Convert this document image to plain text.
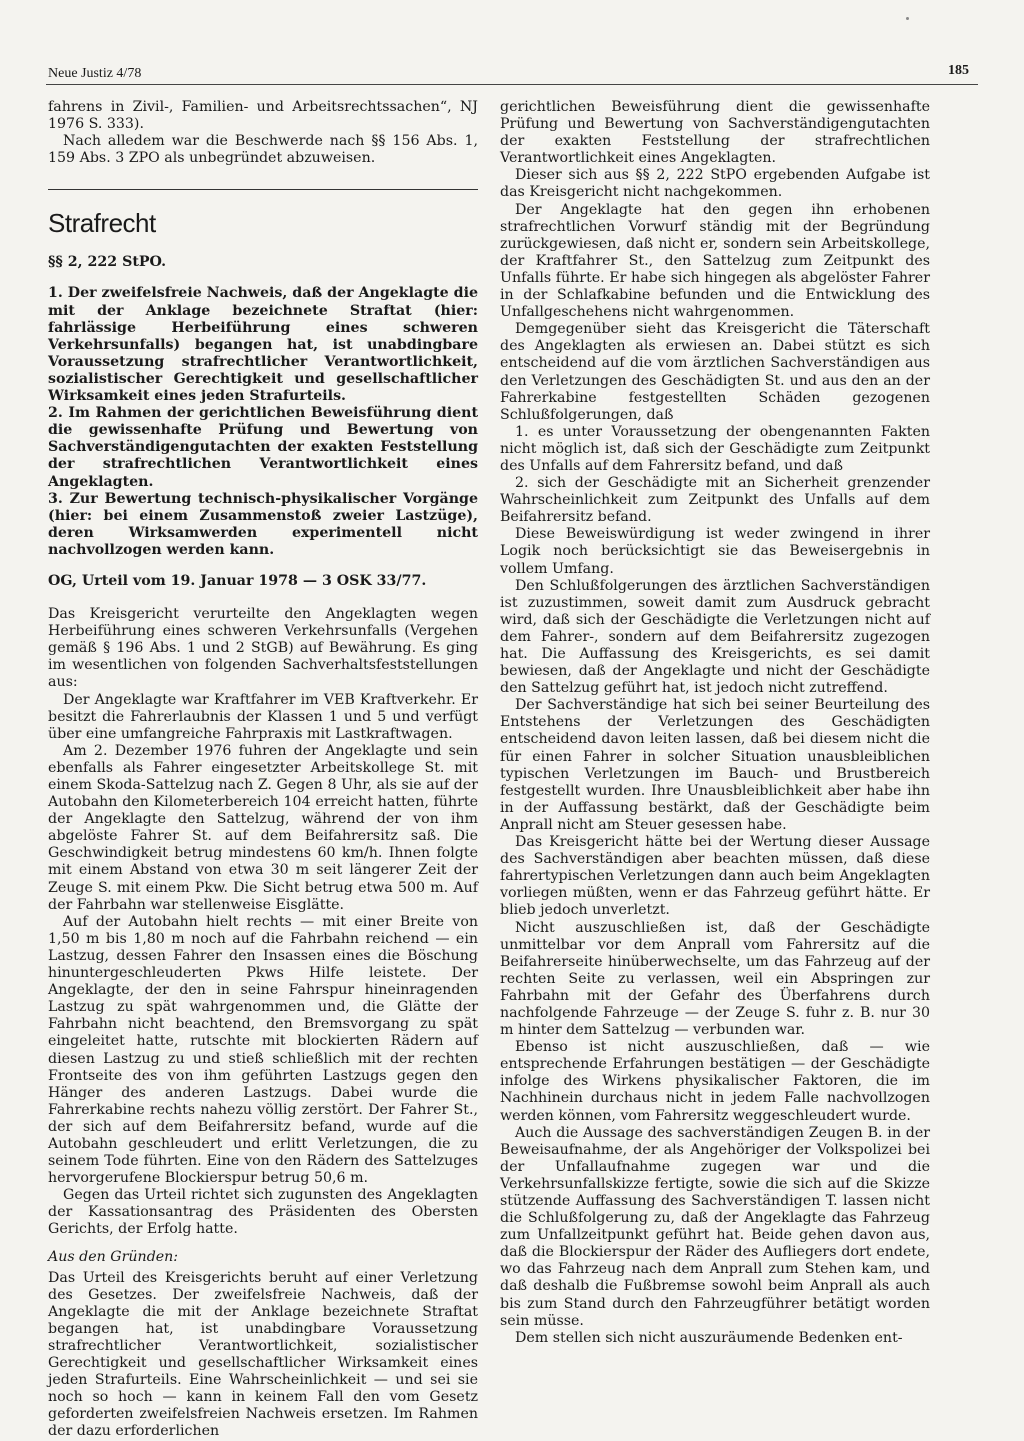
Neue Justiz 4/78	185

fahrens in Zivil-, Familien- und Arbeitsrechtssachen“, NJ 1976 S. 333).

Nach alledem war die Beschwerde nach §§ 156 Abs. 1, 159 Abs. 3 ZPO als unbegründet abzuweisen.

Strafrecht

§§ 2, 222 StPO.

1. Der zweifelsfreie Nachweis, daß der Angeklagte die mit der Anklage bezeichnete Straftat (hier: fahrlässige Herbeiführung eines schweren Verkehrsunfalls) begangen hat, ist unabdingbare Voraussetzung strafrechtlicher Verantwortlichkeit, sozialistischer Gerechtigkeit und gesellschaftlicher Wirksamkeit eines jeden Strafurteils.

2. Im Rahmen der gerichtlichen Beweisführung dient die gewissenhafte Prüfung und Bewertung von Sachverständigengutachten der exakten Feststellung der strafrechtlichen Verantwortlichkeit eines Angeklagten.

3. Zur Bewertung technisch-physikalischer Vorgänge (hier: bei einem Zusammenstoß zweier Lastzüge), deren Wirksamwerden experimentell nicht nachvollzogen werden kann.

OG, Urteil vom 19. Januar 1978 — 3 OSK 33/77.

Das Kreisgericht verurteilte den Angeklagten wegen Herbeiführung eines schweren Verkehrsunfalls (Vergehen gemäß § 196 Abs. 1 und 2 StGB) auf Bewährung. Es ging im wesentlichen von folgenden Sachverhaltsfeststellungen aus:

Der Angeklagte war Kraftfahrer im VEB Kraftverkehr. Er besitzt die Fahrerlaubnis der Klassen 1 und 5 und verfügt über eine umfangreiche Fahrpraxis mit Lastkraftwagen.

Am 2. Dezember 1976 fuhren der Angeklagte und sein ebenfalls als Fahrer eingesetzter Arbeitskollege St. mit einem Skoda-Sattelzug nach Z. Gegen 8 Uhr, als sie auf der Autobahn den Kilometerbereich 104 erreicht hatten, führte der Angeklagte den Sattelzug, während der von ihm abgelöste Fahrer St. auf dem Beifahrersitz saß. Die Geschwindigkeit betrug mindestens 60 km/h. Ihnen folgte mit einem Abstand von etwa 30 m seit längerer Zeit der Zeuge S. mit einem Pkw. Die Sicht betrug etwa 500 m. Auf der Fahrbahn war stellenweise Eisglätte.

Auf der Autobahn hielt rechts — mit einer Breite von 1,50 m bis 1,80 m noch auf die Fahrbahn reichend — ein Lastzug, dessen Fahrer den Insassen eines die Böschung hinuntergeschleuderten Pkws Hilfe leistete. Der Angeklagte, der den in seine Fahrspur hineinragenden Lastzug zu spät wahrgenommen und, die Glätte der Fahrbahn nicht beachtend, den Bremsvorgang zu spät eingeleitet hatte, rutschte mit blockierten Rädern auf diesen Lastzug zu und stieß schließlich mit der rechten Frontseite des von ihm geführten Lastzugs gegen den Hänger des anderen Lastzugs. Dabei wurde die Fahrerkabine rechts nahezu völlig zerstört. Der Fahrer St., der sich auf dem Beifahrersitz befand, wurde auf die Autobahn geschleudert und erlitt Verletzungen, die zu seinem Tode führten. Eine von den Rädern des Sattelzuges hervorgerufene Blockierspur betrug 50,6 m.

Gegen das Urteil richtet sich zugunsten des Angeklagten der Kassationsantrag des Präsidenten des Obersten Gerichts, der Erfolg hatte.

Aus den Gründen:

Das Urteil des Kreisgerichts beruht auf einer Verletzung des Gesetzes. Der zweifelsfreie Nachweis, daß der Angeklagte die mit der Anklage bezeichnete Straftat begangen hat, ist unabdingbare Voraussetzung strafrechtlicher Verantwortlichkeit, sozialistischer Gerechtigkeit und gesellschaftlicher Wirksamkeit eines jeden Strafurteils. Eine Wahrscheinlichkeit — und sei sie noch so hoch — kann in keinem Fall den vom Gesetz geforderten zweifelsfreien Nachweis ersetzen. Im Rahmen der dazu erforderlichen

gerichtlichen Beweisführung dient die gewissenhafte Prüfung und Bewertung von Sachverständigengutachten der exakten Feststellung der strafrechtlichen Verantwortlichkeit eines Angeklagten.

Dieser sich aus §§ 2, 222 StPO ergebenden Aufgabe ist das Kreisgericht nicht nachgekommen.

Der Angeklagte hat den gegen ihn erhobenen strafrechtlichen Vorwurf ständig mit der Begründung zurückgewiesen, daß nicht er, sondern sein Arbeitskollege, der Kraftfahrer St., den Sattelzug zum Zeitpunkt des Unfalls führte. Er habe sich hingegen als abgelöster Fahrer in der Schlafkabine befunden und die Entwicklung des Unfallgeschehens nicht wahrgenommen.

Demgegenüber sieht das Kreisgericht die Täterschaft des Angeklagten als erwiesen an. Dabei stützt es sich entscheidend auf die vom ärztlichen Sachverständigen aus den Verletzungen des Geschädigten St. und aus den an der Fahrerkabine festgestellten Schäden gezogenen Schlußfolgerungen, daß

1. es unter Voraussetzung der obengenannten Fakten nicht möglich ist, daß sich der Geschädigte zum Zeitpunkt des Unfalls auf dem Fahrersitz befand, und daß

2. sich der Geschädigte mit an Sicherheit grenzender Wahrscheinlichkeit zum Zeitpunkt des Unfalls auf dem Beifahrersitz befand.

Diese Beweiswürdigung ist weder zwingend in ihrer Logik noch berücksichtigt sie das Beweisergebnis in vollem Umfang.

Den Schlußfolgerungen des ärztlichen Sachverständigen ist zuzustimmen, soweit damit zum Ausdruck gebracht wird, daß sich der Geschädigte die Verletzungen nicht auf dem Fahrer-, sondern auf dem Beifahrersitz zugezogen hat. Die Auffassung des Kreisgerichts, es sei damit bewiesen, daß der Angeklagte und nicht der Geschädigte den Sattelzug geführt hat, ist jedoch nicht zutreffend.

Der Sachverständige hat sich bei seiner Beurteilung des Entstehens der Verletzungen des Geschädigten entscheidend davon leiten lassen, daß bei diesem nicht die für einen Fahrer in solcher Situation unausbleiblichen typischen Verletzungen im Bauch- und Brustbereich festgestellt wurden. Ihre Unausbleiblichkeit aber habe ihn in der Auffassung bestärkt, daß der Geschädigte beim Anprall nicht am Steuer gesessen habe.

Das Kreisgericht hätte bei der Wertung dieser Aussage des Sachverständigen aber beachten müssen, daß diese fahrertypischen Verletzungen dann auch beim Angeklagten vorliegen müßten, wenn er das Fahrzeug geführt hätte. Er blieb jedoch unverletzt.

Nicht auszuschließen ist, daß der Geschädigte unmittelbar vor dem Anprall vom Fahrersitz auf die Beifahrerseite hinüberwechselte, um das Fahrzeug auf der rechten Seite zu verlassen, weil ein Abspringen zur Fahrbahn mit der Gefahr des Überfahrens durch nachfolgende Fahrzeuge — der Zeuge S. fuhr z. B. nur 30 m hinter dem Sattelzug — verbunden war.

Ebenso ist nicht auszuschließen, daß — wie entsprechende Erfahrungen bestätigen — der Geschädigte infolge des Wirkens physikalischer Faktoren, die im Nachhinein durchaus nicht in jedem Falle nachvollzogen werden können, vom Fahrersitz weggeschleudert wurde.

Auch die Aussage des sachverständigen Zeugen B. in der Beweisaufnahme, der als Angehöriger der Volkspolizei bei der Unfallaufnahme zugegen war und die Verkehrsunfallskizze fertigte, sowie die sich auf die Skizze stützende Auffassung des Sachverständigen T. lassen nicht die Schlußfolgerung zu, daß der Angeklagte das Fahrzeug zum Unfallzeitpunkt geführt hat. Beide gehen davon aus, daß die Blockierspur der Räder des Aufliegers dort endete, wo das Fahrzeug nach dem Anprall zum Stehen kam, und daß deshalb die Fußbremse sowohl beim Anprall als auch bis zum Stand durch den Fahrzeugführer betätigt worden sein müsse.

Dem stellen sich nicht auszuräumende Bedenken ent-
